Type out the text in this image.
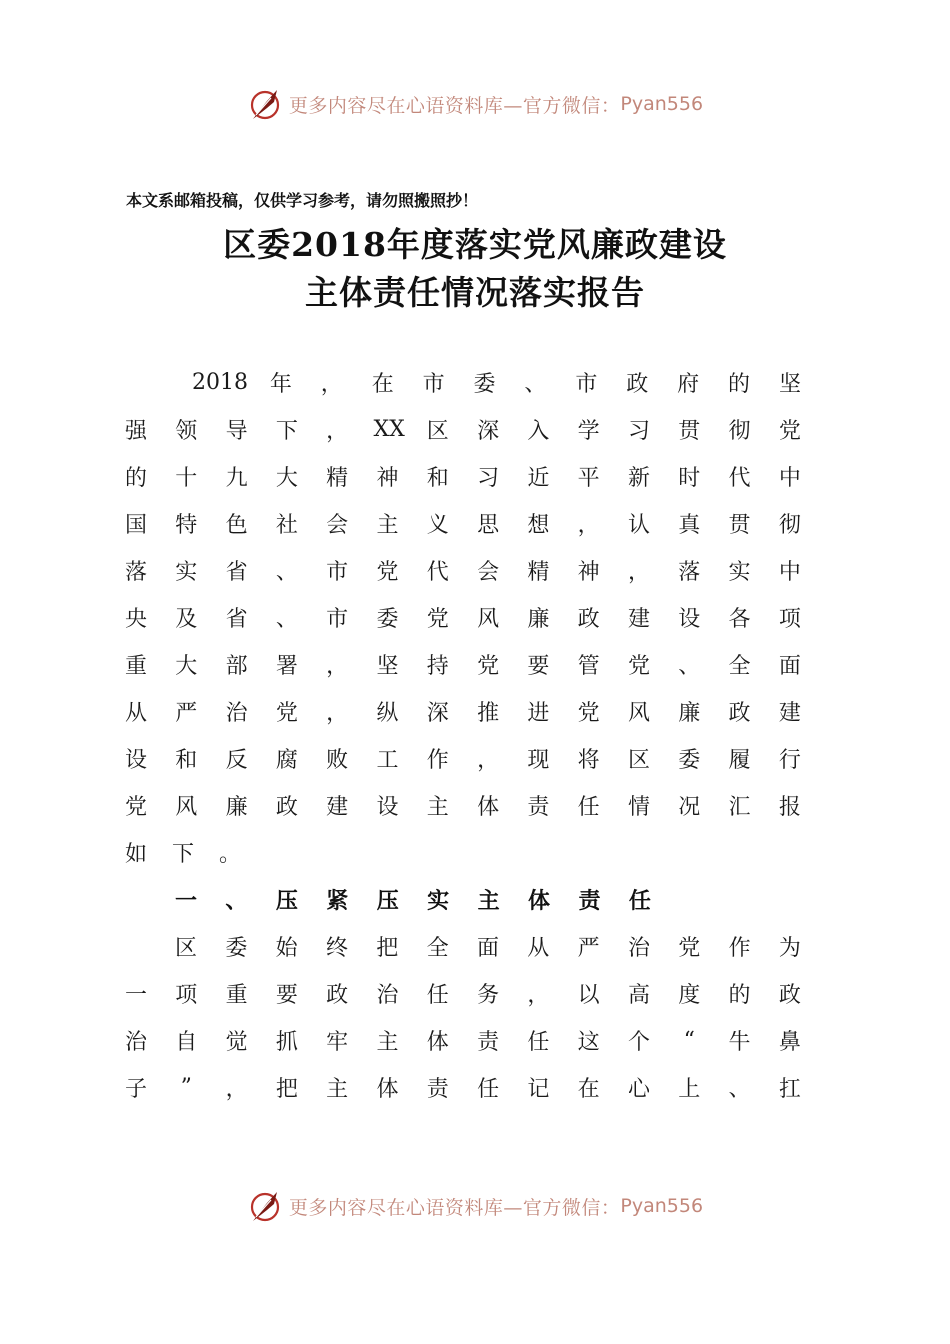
更多内容尽在心语资料库—官方微信： Pyan556
本文系邮箱投稿，仅供学习参考，请勿照搬照抄！
区委2018年度落实党风廉政建设
主体责任情况落实报告
2018 年 ， 在 市 委 、 市 政 府 的 坚
强 领 导 下 ， XX 区 深 入 学 习 贯 彻 党
的 十 九 大 精 神 和 习 近 平 新 时 代 中
国 特 色 社 会 主 义 思 想 ， 认 真 贯 彻
落 实 省 、 市 党 代 会 精 神 ， 落 实 中
央 及 省 、 市 委 党 风 廉 政 建 设 各 项
重 大 部 署 ， 坚 持 党 要 管 党 、 全 面
从 严 治 党 ， 纵 深 推 进 党 风 廉 政 建
设 和 反 腐 败 工 作 ， 现 将 区 委 履 行
党 风 廉 政 建 设 主 体 责 任 情 况 汇 报
如 下 。
一 、 压 紧 压 实 主 体 责 任
区 委 始 终 把 全 面 从 严 治 党 作 为
一 项 重 要 政 治 任 务 ， 以 高 度 的 政
治 自 觉 抓 牢 主 体 责 任 这 个	“	牛 鼻
子	”	， 把 主 体 责 任 记 在 心 上 、 扛
更多内容尽在心语资料库—官方微信： Pyan556
